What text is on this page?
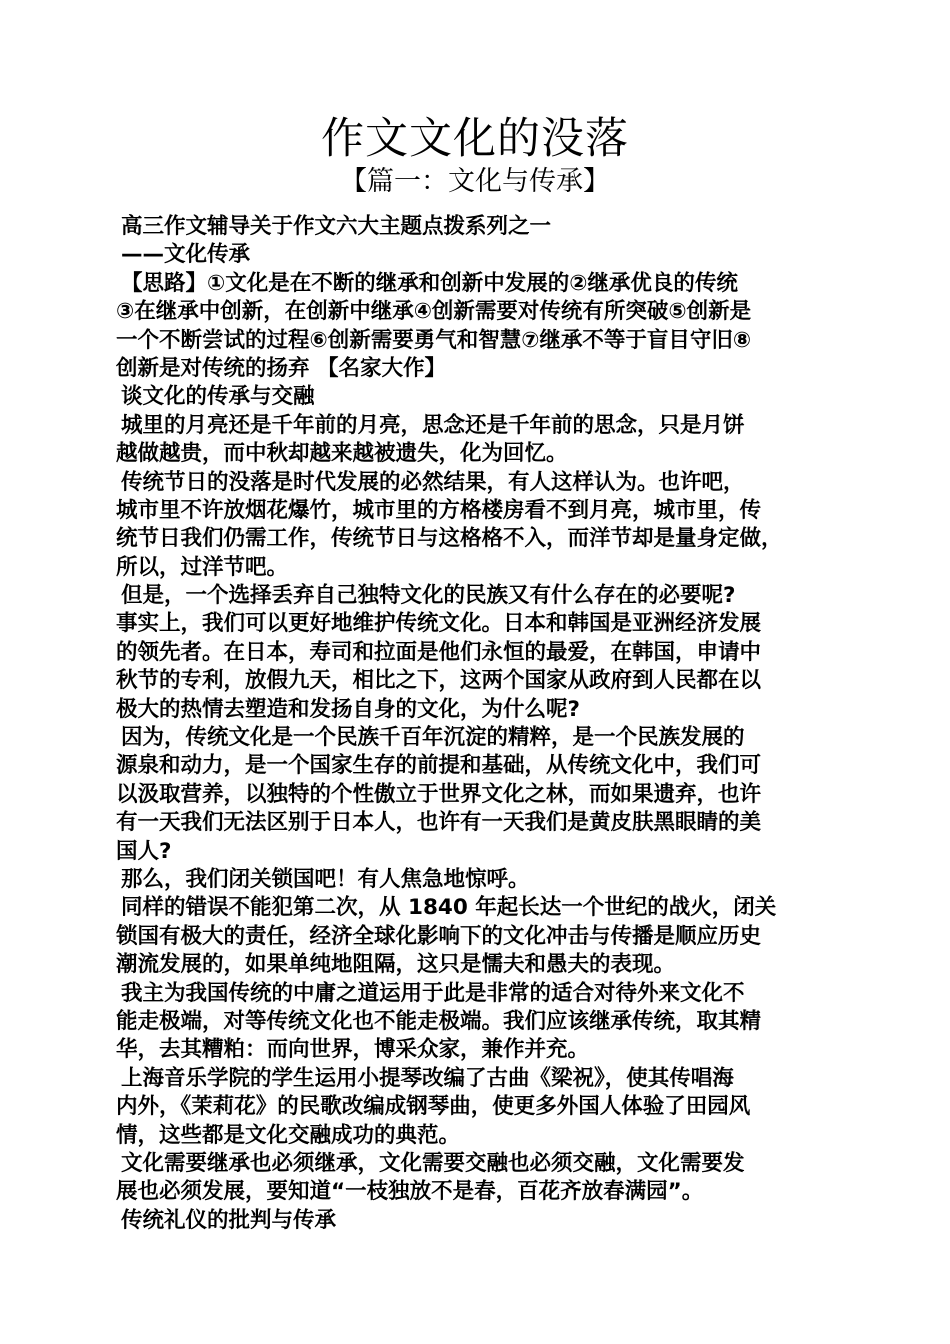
作文文化的没落
【篇一：文化与传承】
高三作文辅导关于作文六大主题点拨系列之一
——文化传承
【思路】①文化是在不断的继承和创新中发展的②继承优良的传统
③在继承中创新，在创新中继承④创新需要对传统有所突破⑤创新是
一个不断尝试的过程⑥创新需要勇气和智慧⑦继承不等于盲目守旧⑧
创新是对传统的扬弃 【名家大作】
谈文化的传承与交融
城里的月亮还是千年前的月亮，思念还是千年前的思念，只是月饼
越做越贵，而中秋却越来越被遗失，化为回忆。
传统节日的没落是时代发展的必然结果，有人这样认为。也许吧，
城市里不许放烟花爆竹，城市里的方格楼房看不到月亮，城市里，传
统节日我们仍需工作，传统节日与这格格不入，而洋节却是量身定做，
所以，过洋节吧。
但是，一个选择丢弃自己独特文化的民族又有什么存在的必要呢?
事实上，我们可以更好地维护传统文化。日本和韩国是亚洲经济发展
的领先者。在日本，寿司和拉面是他们永恒的最爱，在韩国，申请中
秋节的专利，放假九天，相比之下，这两个国家从政府到人民都在以
极大的热情去塑造和发扬自身的文化，为什么呢?
因为，传统文化是一个民族千百年沉淀的精粹，是一个民族发展的
源泉和动力，是一个国家生存的前提和基础，从传统文化中，我们可
以汲取营养，以独特的个性傲立于世界文化之林，而如果遗弃，也许
有一天我们无法区别于日本人，也许有一天我们是黄皮肤黑眼睛的美
国人?
那么，我们闭关锁国吧！有人焦急地惊呼。
同样的错误不能犯第二次，从 1840 年起长达一个世纪的战火，闭关
锁国有极大的责任，经济全球化影响下的文化冲击与传播是顺应历史
潮流发展的，如果单纯地阻隔，这只是懦夫和愚夫的表现。
我主为我国传统的中庸之道运用于此是非常的适合对待外来文化不
能走极端，对等传统文化也不能走极端。我们应该继承传统，取其精
华，去其糟粕：而向世界，博采众家，兼作并充。
上海音乐学院的学生运用小提琴改编了古曲《梁祝》，使其传唱海
内外，《茉莉花》的民歌改编成钢琴曲，使更多外国人体验了田园风
情，这些都是文化交融成功的典范。
文化需要继承也必须继承，文化需要交融也必须交融，文化需要发
展也必须发展，要知道“一枝独放不是春，百花齐放春满园”。
传统礼仪的批判与传承
